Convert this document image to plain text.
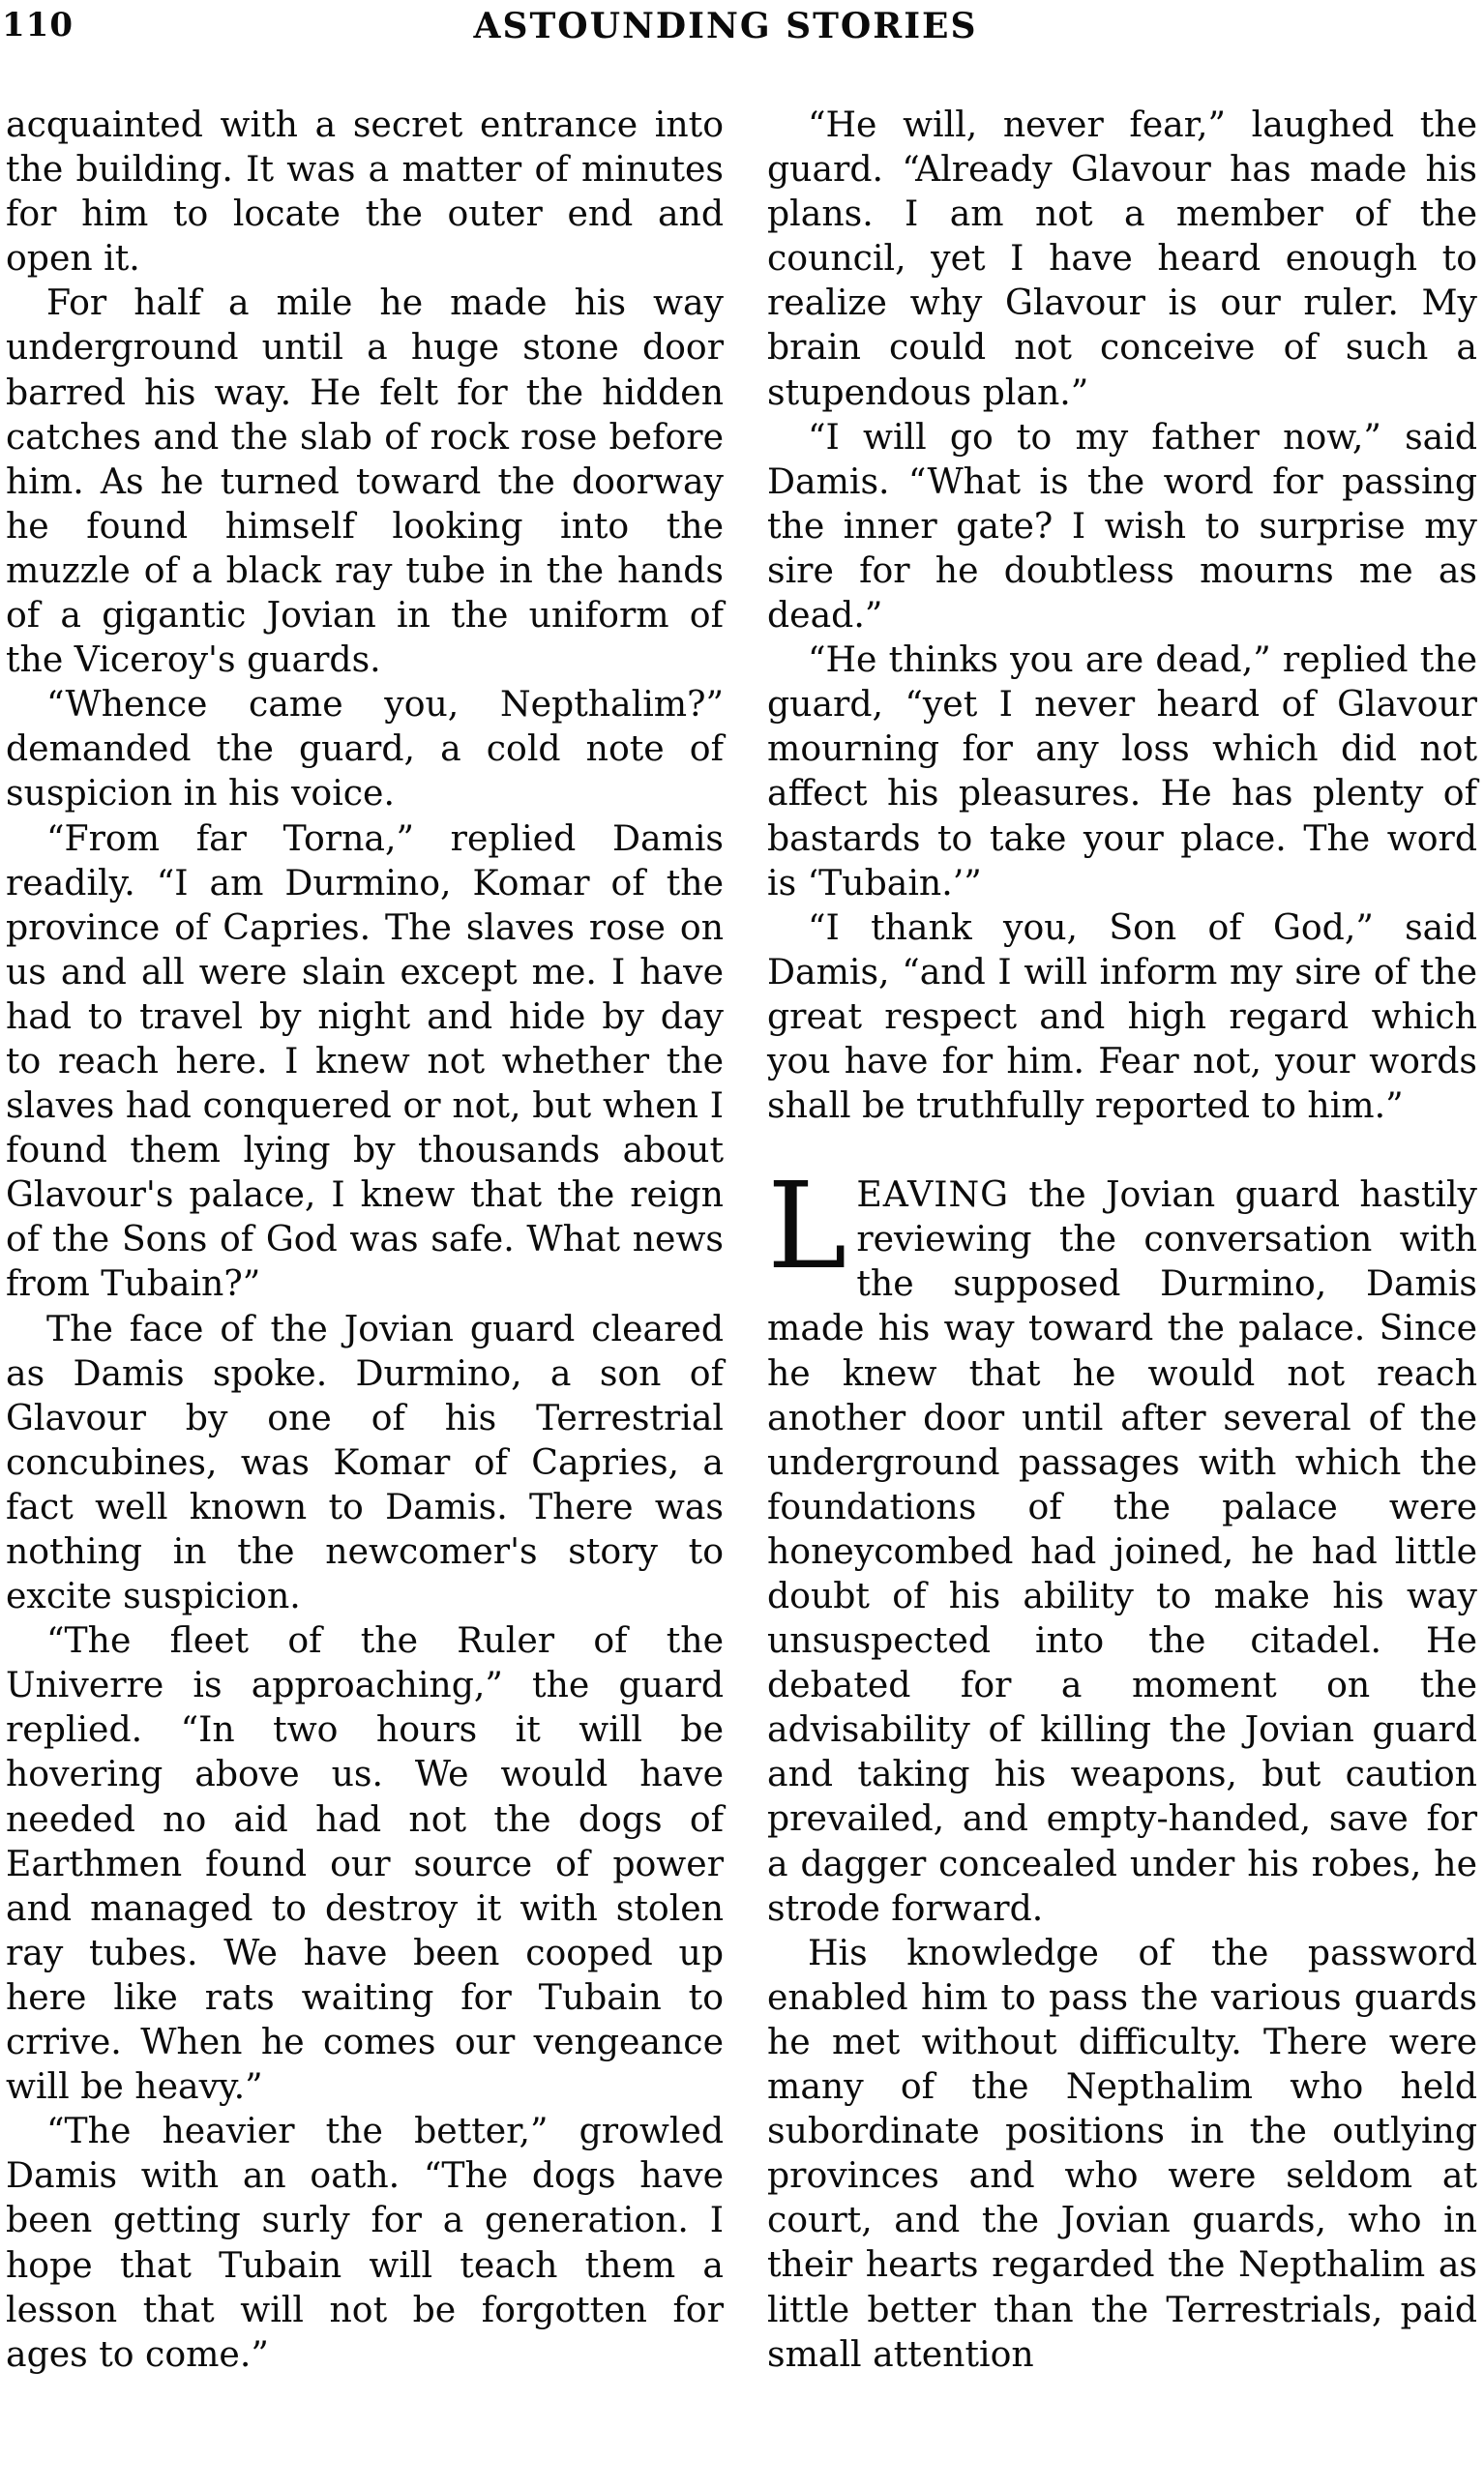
110	ASTOUNDING STORIES

acquainted with a secret entrance into the building. It was a matter of minutes for him to locate the outer end and open it.

For half a mile he made his way underground until a huge stone door barred his way. He felt for the hidden catches and the slab of rock rose before him. As he turned toward the doorway he found himself looking into the muzzle of a black ray tube in the hands of a gigantic Jovian in the uniform of the Viceroy's guards.

“Whence came you, Nepthalim?” demanded the guard, a cold note of suspicion in his voice.

“From far Torna,” replied Damis readily. “I am Durmino, Komar of the province of Capries. The slaves rose on us and all were slain except me. I have had to travel by night and hide by day to reach here. I knew not whether the slaves had conquered or not, but when I found them lying by thousands about Glavour's palace, I knew that the reign of the Sons of God was safe. What news from Tubain?”

The face of the Jovian guard cleared as Damis spoke. Durmino, a son of Glavour by one of his Terrestrial concubines, was Komar of Capries, a fact well known to Damis. There was nothing in the newcomer's story to excite suspicion.

“The fleet of the Ruler of the Univerre is approaching,” the guard replied. “In two hours it will be hovering above us. We would have needed no aid had not the dogs of Earthmen found our source of power and managed to destroy it with stolen ray tubes. We have been cooped up here like rats waiting for Tubain to crrive. When he comes our vengeance will be heavy.”

“The heavier the better,” growled Damis with an oath. “The dogs have been getting surly for a generation. I hope that Tubain will teach them a lesson that will not be forgotten for ages to come.”

“He will, never fear,” laughed the guard. “Already Glavour has made his plans. I am not a member of the council, yet I have heard enough to realize why Glavour is our ruler. My brain could not conceive of such a stupendous plan.”

“I will go to my father now,” said Damis. “What is the word for passing the inner gate? I wish to surprise my sire for he doubtless mourns me as dead.”

“He thinks you are dead,” replied the guard, “yet I never heard of Glavour mourning for any loss which did not affect his pleasures. He has plenty of bastards to take your place. The word is ‘Tubain.’”

“I thank you, Son of God,” said Damis, “and I will inform my sire of the great respect and high regard which you have for him. Fear not, your words shall be truthfully reported to him.”

LEAVING the Jovian guard hastily reviewing the conversation with the supposed Durmino, Damis made his way toward the palace. Since he knew that he would not reach another door until after several of the underground passages with which the foundations of the palace were honeycombed had joined, he had little doubt of his ability to make his way unsuspected into the citadel. He debated for a moment on the advisability of killing the Jovian guard and taking his weapons, but caution prevailed, and empty-handed, save for a dagger concealed under his robes, he strode forward.

His knowledge of the password enabled him to pass the various guards he met without difficulty. There were many of the Nepthalim who held subordinate positions in the outlying provinces and who were seldom at court, and the Jovian guards, who in their hearts regarded the Nepthalim as little better than the Terrestrials, paid small attention
